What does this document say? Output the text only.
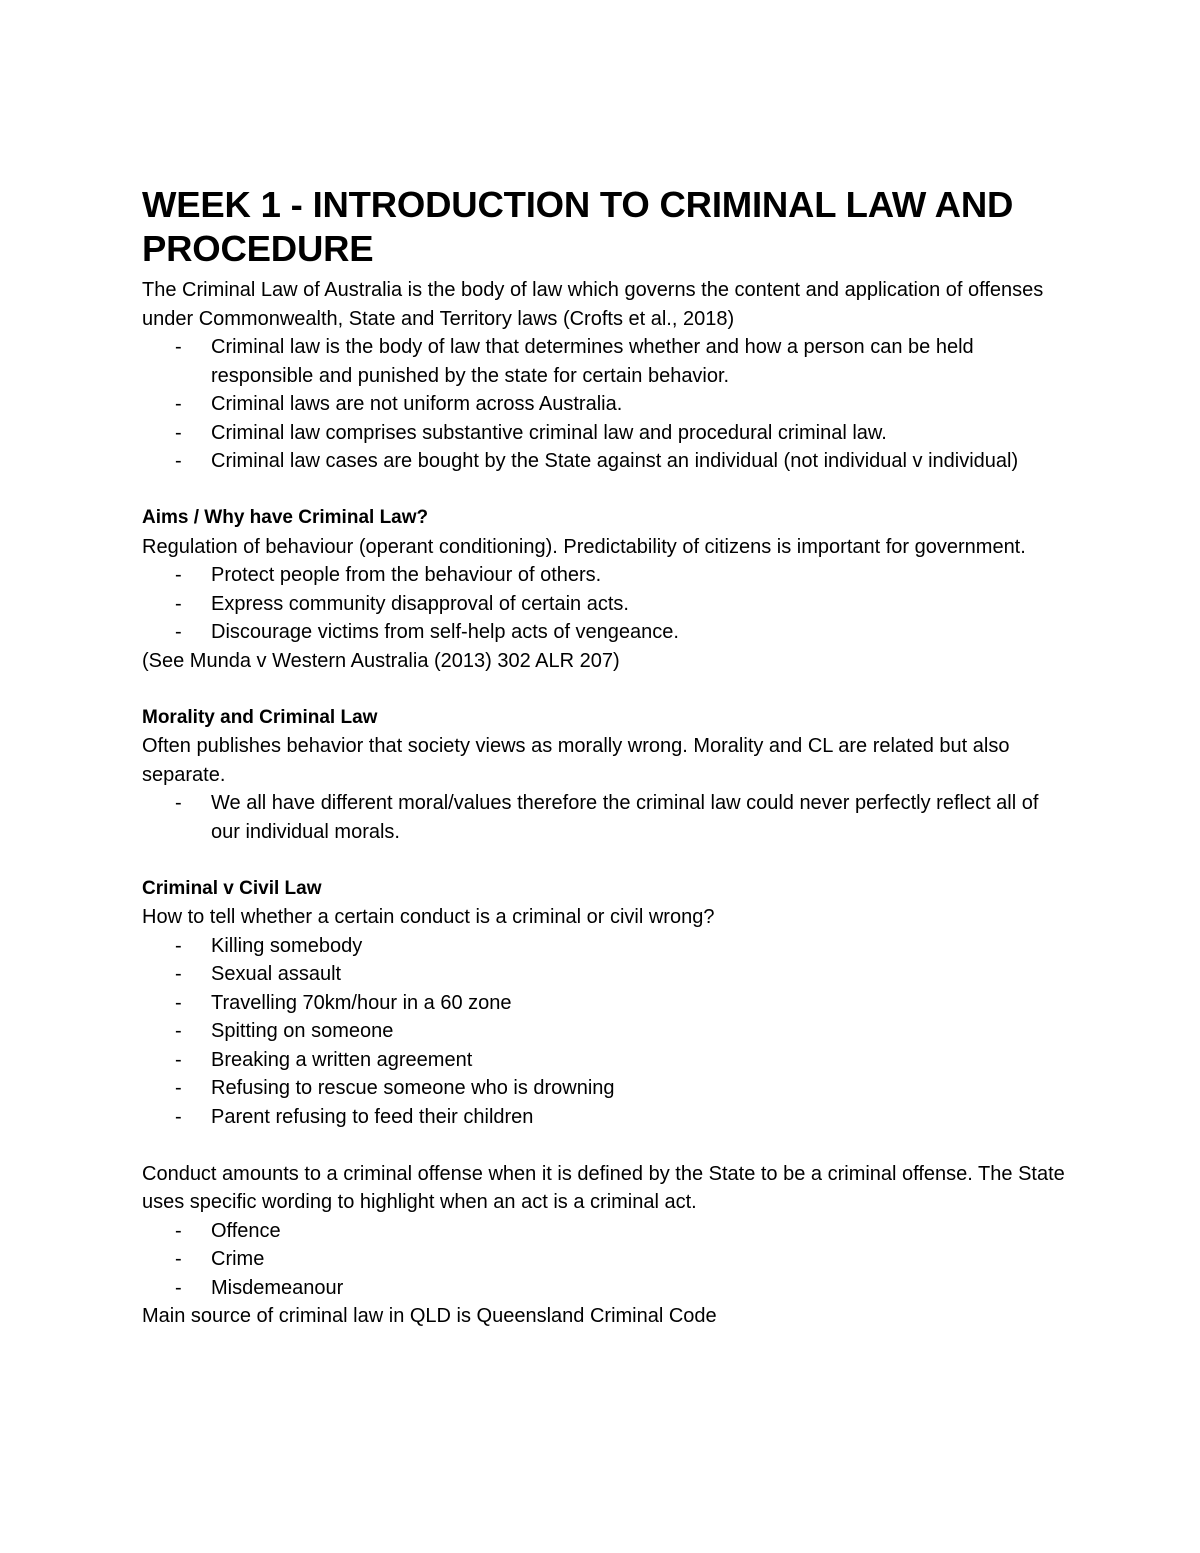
WEEK 1 - INTRODUCTION TO CRIMINAL LAW AND PROCEDURE

The Criminal Law of Australia is the body of law which governs the content and application of offenses under Commonwealth, State and Territory laws (Crofts et al., 2018)

- Criminal law is the body of law that determines whether and how a person can be held responsible and punished by the state for certain behavior.
- Criminal laws are not uniform across Australia.
- Criminal law comprises substantive criminal law and procedural criminal law.
- Criminal law cases are bought by the State against an individual (not individual v individual)
Aims / Why have Criminal Law?

Regulation of behaviour (operant conditioning). Predictability of citizens is important for government.

- Protect people from the behaviour of others.
- Express community disapproval of certain acts.
- Discourage victims from self-help acts of vengeance.

(See Munda v Western Australia (2013) 302 ALR 207)

Morality and Criminal Law

Often publishes behavior that society views as morally wrong. Morality and CL are related but also separate.

- We all have different moral/values therefore the criminal law could never perfectly reflect all of our individual morals.
Criminal v Civil Law

How to tell whether a certain conduct is a criminal or civil wrong?

- Killing somebody
- Sexual assault
- Travelling 70km/hour in a 60 zone
- Spitting on someone
- Breaking a written agreement
- Refusing to rescue someone who is drowning
- Parent refusing to feed their children

Conduct amounts to a criminal offense when it is defined by the State to be a criminal offense. The State uses specific wording to highlight when an act is a criminal act.

- Offence
- Crime
- Misdemeanour

Main source of criminal law in QLD is Queensland Criminal Code
